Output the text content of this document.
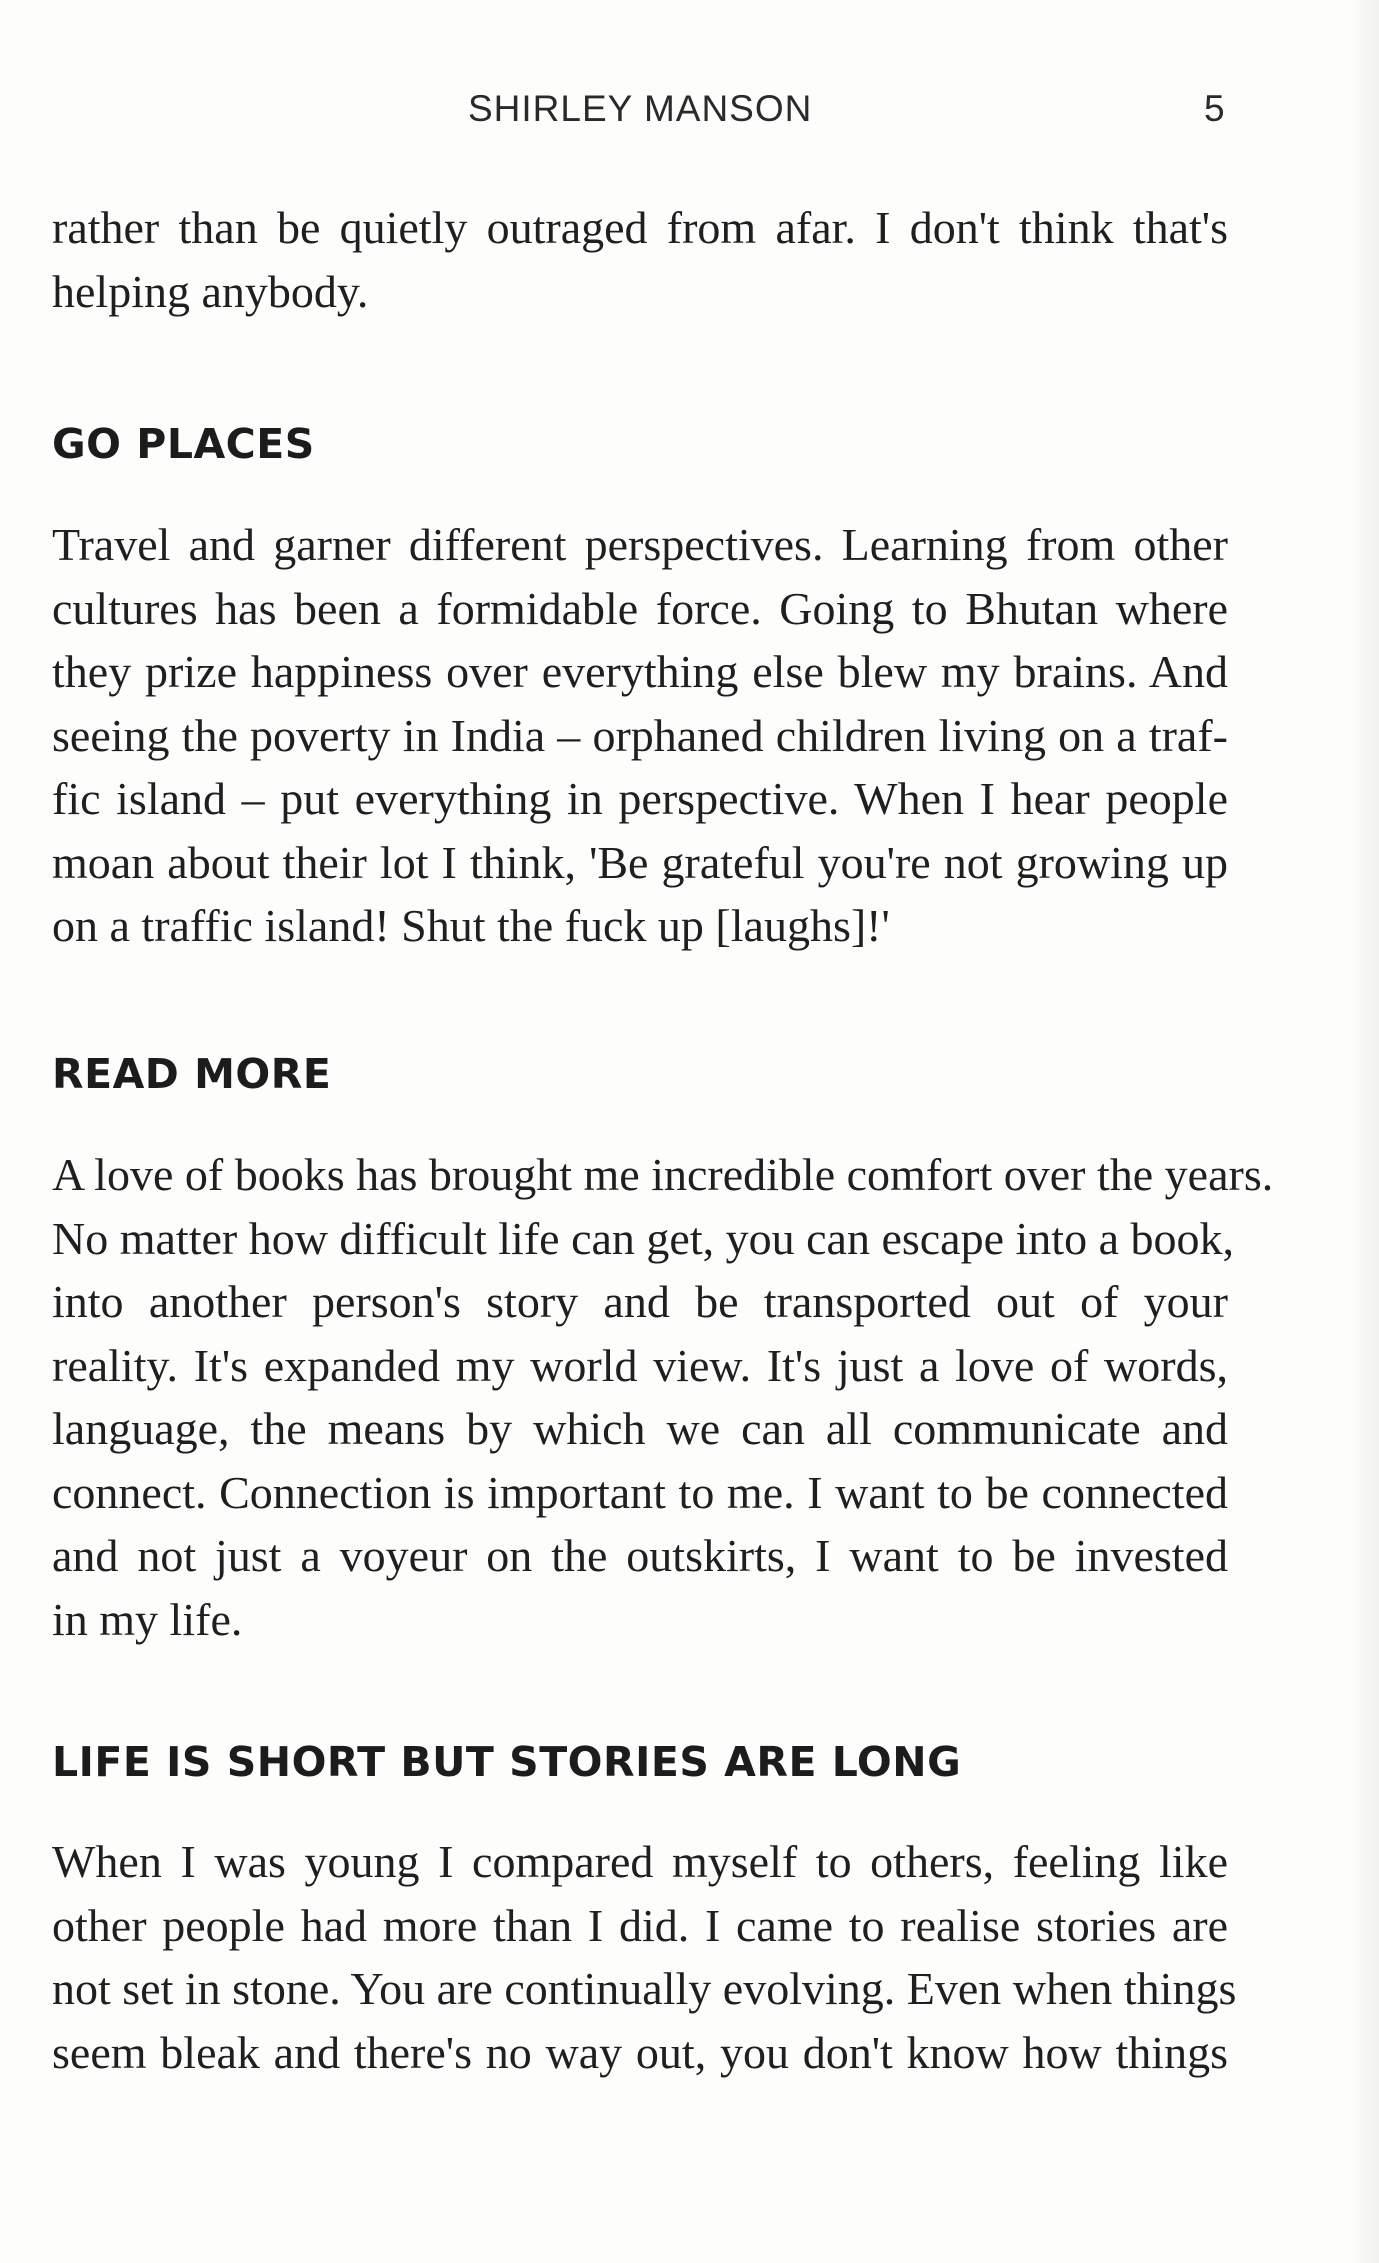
SHIRLEY MANSON	5
rather than be quietly outraged from afar. I don't think that's
helping anybody.
GO PLACES
Travel and garner different perspectives. Learning from other
cultures has been a formidable force. Going to Bhutan where
they prize happiness over everything else blew my brains. And
seeing the poverty in India – orphaned children living on a traf-
fic island – put everything in perspective. When I hear people
moan about their lot I think, 'Be grateful you're not growing up
on a traffic island! Shut the fuck up [laughs]!'
READ MORE
A love of books has brought me incredible comfort over the years.
No matter how difficult life can get, you can escape into a book,
into another person's story and be transported out of your
reality. It's expanded my world view. It's just a love of words,
language, the means by which we can all communicate and
connect. Connection is important to me. I want to be connected
and not just a voyeur on the outskirts, I want to be invested
in my life.
LIFE IS SHORT BUT STORIES ARE LONG
When I was young I compared myself to others, feeling like
other people had more than I did. I came to realise stories are
not set in stone. You are continually evolving. Even when things
seem bleak and there's no way out, you don't know how things
